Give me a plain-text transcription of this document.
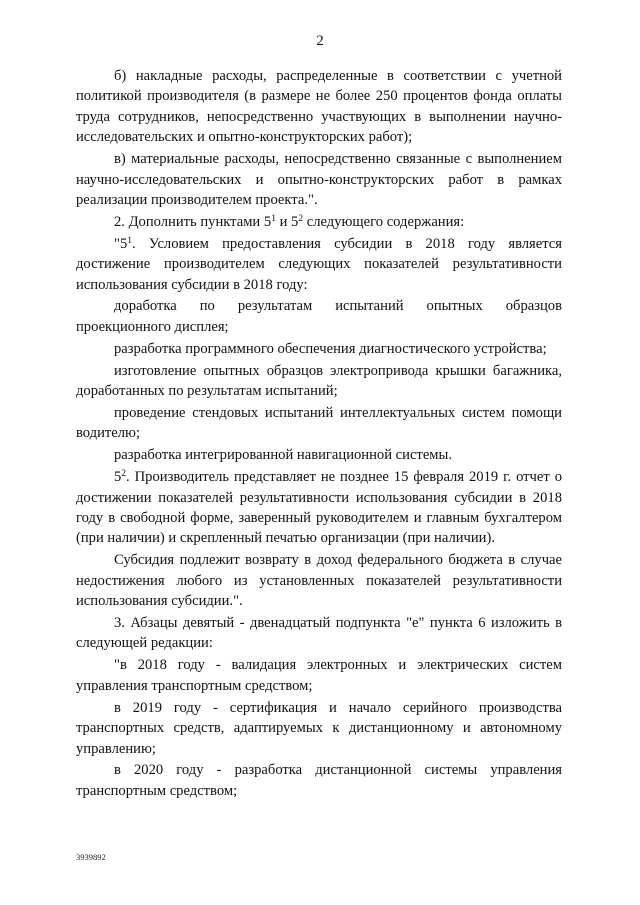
2

б) накладные расходы, распределенные в соответствии с учетной политикой производителя (в размере не более 250 процентов фонда оплаты труда сотрудников, непосредственно участвующих в выполнении научно-исследовательских и опытно-конструкторских работ);

в) материальные расходы, непосредственно связанные с выполнением научно-исследовательских и опытно-конструкторских работ в рамках реализации производителем проекта.".

2. Дополнить пунктами $5^1$ и $5^2$ следующего содержания:

"$5^1$. Условием предоставления субсидии в 2018 году является достижение производителем следующих показателей результативности использования субсидии в 2018 году:

доработка по результатам испытаний опытных образцов проекционного дисплея;

разработка программного обеспечения диагностического устройства;

изготовление опытных образцов электропривода крышки багажника, доработанных по результатам испытаний;

проведение стендовых испытаний интеллектуальных систем помощи водителю;

разработка интегрированной навигационной системы.

$5^2$. Производитель представляет не позднее 15 февраля 2019 г. отчет о достижении показателей результативности использования субсидии в 2018 году в свободной форме, заверенный руководителем и главным бухгалтером (при наличии) и скрепленный печатью организации (при наличии).

Субсидия подлежит возврату в доход федерального бюджета в случае недостижения любого из установленных показателей результативности использования субсидии.".

3. Абзацы девятый - двенадцатый подпункта "е" пункта 6 изложить в следующей редакции:

"в 2018 году - валидация электронных и электрических систем управления транспортным средством;

в 2019 году - сертификация и начало серийного производства транспортных средств, адаптируемых к дистанционному и автономному управлению;

в 2020 году - разработка дистанционной системы управления транспортным средством;

3939892
